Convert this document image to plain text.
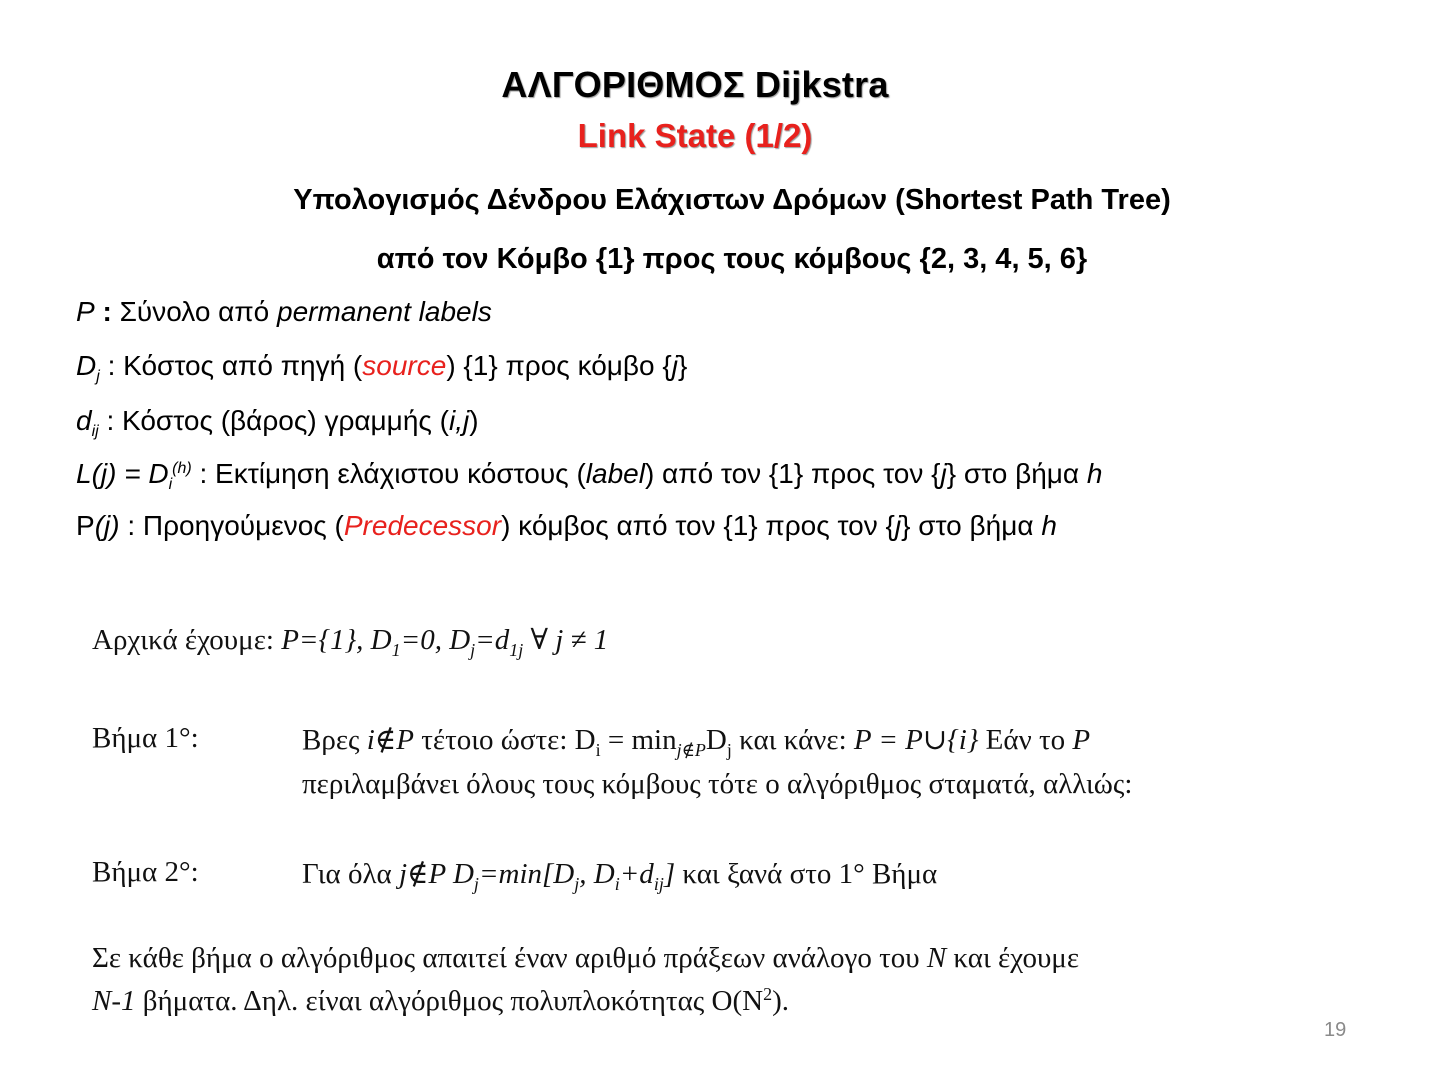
ΑΛΓΟΡΙΘΜΟΣ Dijkstra
Link State (1/2)
Υπολογισμός Δένδρου Ελάχιστων Δρόμων (Shortest Path Tree)
από τον Κόμβο {1} προς τους κόμβους {2, 3, 4, 5, 6}
P : Σύνολο από permanent labels
$D_j$ : Κόστος από πηγή (source) {1} προς κόμβο {j}
$d_{ij}$ : Κόστος (βάρος) γραμμής (i,j)
$L(j) = D_i^{(h)}$ : Εκτίμηση ελάχιστου κόστους (label) από τον {1} προς τον {j} στο βήμα h
P(j) : Προηγούμενος (Predecessor) κόμβος από τον {1} προς τον {j} στο βήμα h
Αρχικά έχουμε: P={1}, $D_1=0$, $D_j=d_{1j}$ ∀ j ≠ 1
Βήμα 1°:	Βρες i∉P τέτοιο ώστε: $D_i = \min_{j\notin P}D_j$ και κάνε: P = P∪{i} Εάν το P
περιλαμβάνει όλους τους κόμβους τότε ο αλγόριθμος σταματά, αλλιώς:
Βήμα 2°:	Για όλα j∉P $D_j=\min[D_j$, $D_i+d_{ij}$] και ξανά στο 1° Βήμα
Σε κάθε βήμα ο αλγόριθμος απαιτεί έναν αριθμό πράξεων ανάλογο του N και έχουμε
N-1 βήματα. Δηλ. είναι αλγόριθμος πολυπλοκότητας $O(N^2)$.
19
